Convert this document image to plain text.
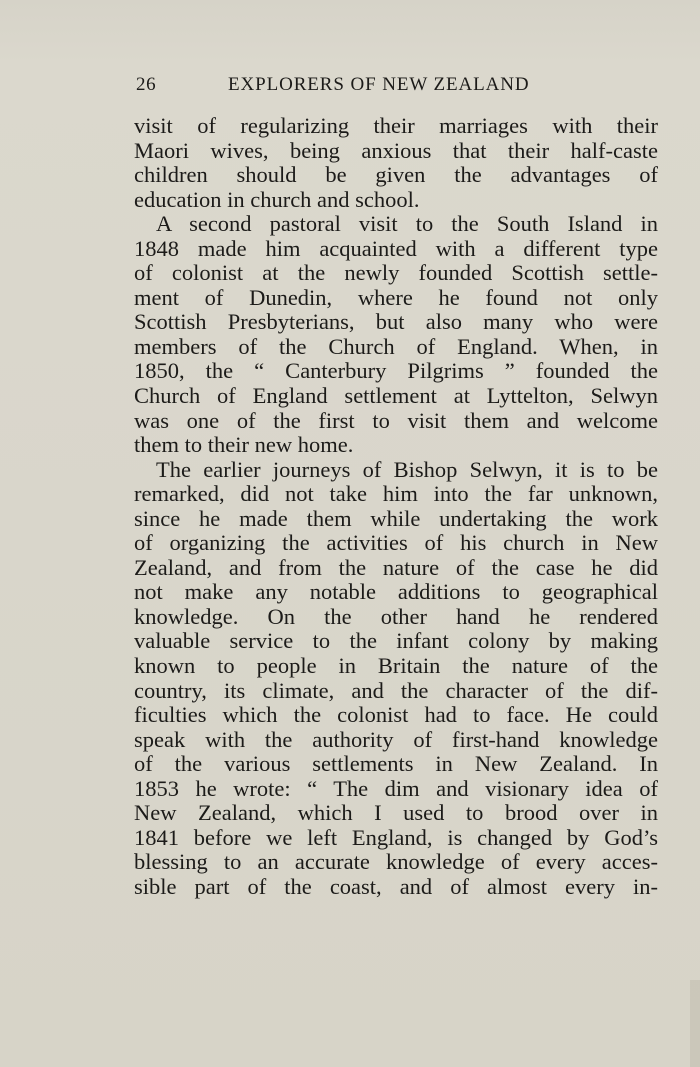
26	EXPLORERS OF NEW ZEALAND
visit of regularizing their marriages with their
Maori wives, being anxious that their half-caste
children should be given the advantages of
education in church and school.
A second pastoral visit to the South Island in
1848 made him acquainted with a different type
of colonist at the newly founded Scottish settle-
ment of Dunedin, where he found not only
Scottish Presbyterians, but also many who were
members of the Church of England. When, in
1850, the “ Canterbury Pilgrims ” founded the
Church of England settlement at Lyttelton, Selwyn
was one of the first to visit them and welcome
them to their new home.
The earlier journeys of Bishop Selwyn, it is to be
remarked, did not take him into the far unknown,
since he made them while undertaking the work
of organizing the activities of his church in New
Zealand, and from the nature of the case he did
not make any notable additions to geographical
knowledge. On the other hand he rendered
valuable service to the infant colony by making
known to people in Britain the nature of the
country, its climate, and the character of the dif-
ficulties which the colonist had to face. He could
speak with the authority of first-hand knowledge
of the various settlements in New Zealand. In
1853 he wrote: “ The dim and visionary idea of
New Zealand, which I used to brood over in
1841 before we left England, is changed by God’s
blessing to an accurate knowledge of every acces-
sible part of the coast, and of almost every in-
